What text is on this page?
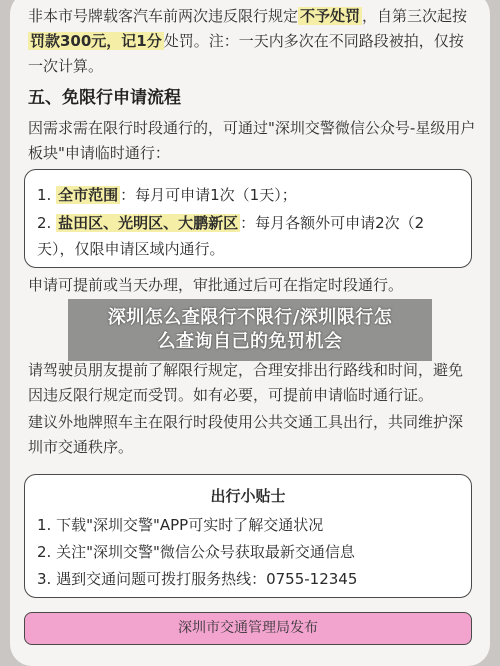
非本市号牌载客汽车前两次违反限行规定 不予处罚 ，自第三次起按罚款300元，记1分 处罚。注：一天内多次在不同路段被拍，仅按一次计算。
五、免限行申请流程
因需求需在限行时段通行的，可通过"深圳交警微信公众号-星级用户板块"申请临时通行：
1. 全市范围 ：每月可申请1次（1天）；
2. 盐田区、光明区、大鹏新区 ：每月各额外可申请2次（2天），仅限申请区域内通行。
申请可提前或当天办理，审批通过后可在指定时段通行。
请驾驶员朋友提前了解限行规定，合理安排出行路线和时间，避免因违反限行规定而受罚。如有必要，可提前申请临时通行证。
建议外地牌照车主在限行时段使用公共交通工具出行，共同维护深圳市交通秩序。
出行小贴士
1. 下载"深圳交警"APP可实时了解交通状况
2. 关注"深圳交警"微信公众号获取最新交通信息
3. 遇到交通问题可拨打服务热线：0755-12345
深圳市交通管理局发布
深圳怎么查限行不限行/深圳限行怎
么查询自己的免罚机会
